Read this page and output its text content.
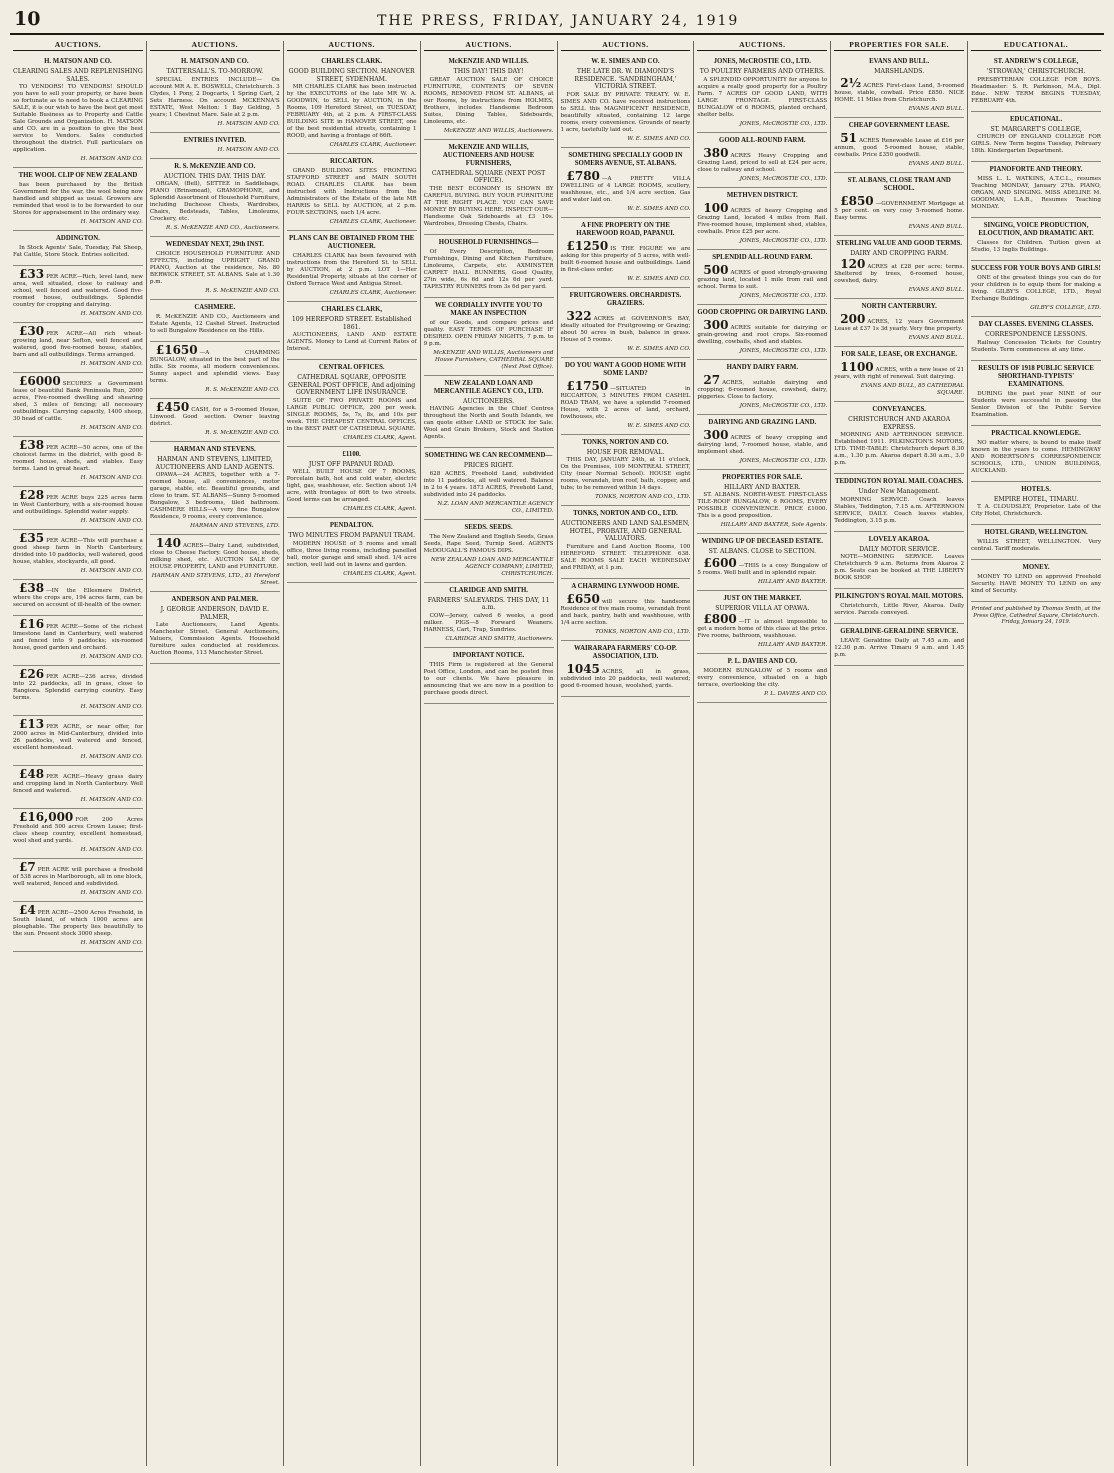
10	THE PRESS, FRIDAY, JANUARY 24, 1919
AUCTIONS.
H. MATSON AND CO.
CLEARING SALES AND REPLENISHING SALES.

TO VENDORS! TO VENDORS! SHOULD you have to sell your property, or have been so fortunate as to need to book a CLEARING SALE, it is our wish to have the best get most Suitable Business as to Property and Cattle Sale Grounds and Organization. H. MATSON and CO. are in a position to give the best service to Vendors. Sales conducted throughout the district. Full particulars on application.

H. MATSON AND CO.
THE WOOL CLIP OF NEW ZEALAND

has been purchased by the British Government for the war, the wool being now handled and shipped as usual. Growers are reminded that wool is to be forwarded to our Stores for appraisement in the ordinary way.

H. MATSON AND CO.
ADDINGTON.

In Stock Agents' Sale, Tuesday, Fat Sheep, Fat Cattle, Store Stock. Entries solicited.

£33 PER ACRE—Rich, level land, new area, well situated, close to railway and school, well fenced and watered. Good five-roomed house, outbuildings. Splendid country for cropping and dairying.

H. MATSON AND CO.

£30 PER ACRE—All rich wheat-growing land, near Sefton, well fenced and watered, good five-roomed house, stables, barn and all outbuildings. Terms arranged.

H. MATSON AND CO.

£6000 SECURES a Government lease of beautiful Bank Peninsula Run, 2000 acres, Five-roomed dwelling and shearing shed, 3 miles of fencing; all necessary outbuildings. Carrying capacity, 1400 sheep, 30 head of cattle.

H. MATSON AND CO.

£38 PER ACRE—50 acres, one of the choicest farms in the district, with good 8-roomed house, sheds, and stables. Easy terms. Land in great heart.

H. MATSON AND CO.

£28 PER ACRE buys 225 acres farm in West Canterbury, with a six-roomed house and outbuildings. Splendid water supply.

H. MATSON AND CO.

£35 PER ACRE—This will purchase a good sheep farm in North Canterbury, divided into 10 paddocks, well watered, good house, stables, stockyards, all good.

H. MATSON AND CO.

£38 —IN the Ellesmere District, where the crops are, 194 acres farm, can be secured on account of ill-health of the owner.

£16 PER ACRE—Some of the richest limestone land in Canterbury, well watered and fenced into 9 paddocks; six-roomed house, good garden and orchard.

H. MATSON AND CO.

£26 PER ACRE—236 acres, divided into 22 paddocks, all in grass, close to Rangiora. Splendid carrying country. Easy terms.

H. MATSON AND CO.

£13 PER ACRE, or near offer, for 2000 acres in Mid-Canterbury, divided into 26 paddocks, well watered and fenced, excellent homestead.

H. MATSON AND CO.

£48 PER ACRE—Heavy grass dairy and cropping land in North Canterbury. Well fenced and watered.

H. MATSON AND CO.

£16,000 FOR 200 Acres Freehold and 500 acres Crown Lease; first-class sheep country, excellent homestead, wool shed and yards.

H. MATSON AND CO.

£7 PER ACRE will purchase a freehold of 538 acres in Marlborough, all in one block, well watered, fenced and subdivided.

H. MATSON AND CO.

£4 PER ACRE—2500 Acres Freehold, in South Island, of which 1000 acres are ploughable. The property lies beautifully to the sun. Present stock 3000 sheep.

H. MATSON AND CO.
AUCTIONS.
H. MATSON AND CO.
TATTERSALL'S. TO-MORROW.

SPECIAL ENTRIES INCLUDE— On account MR A. E. BOSWELL, Christchurch. 3 Clydes, 1 Pony, 2 Dogcarts, 1 Spring Cart, 2 Sets Harness. On account MCKENNA'S ESTATE, West Melton: 1 Bay Gelding, 5 years; 1 Chestnut Mare. Sale at 2 p.m.

H. MATSON AND CO.
ENTRIES INVITED.

H. MATSON AND CO.
R. S. McKENZIE AND CO.
AUCTION. THIS DAY. THIS DAY.

ORGAN, (Bell), SETTEE in Saddlebags, PIANO (Brinsmead), GRAMOPHONE, and Splendid Assortment of Household Furniture, including Duchesse Chests, Wardrobes, Chairs, Bedsteads, Tables, Linoleums, Crockery, etc.

R. S. McKENZIE AND CO., Auctioneers.
WEDNESDAY NEXT, 29th INST.

CHOICE HOUSEHOLD FURNITURE AND EFFECTS, including UPRIGHT GRAND PIANO, Auction at the residence, No. 80 BERWICK STREET, ST. ALBANS. Sale at 1.30 p.m.

R. S. McKENZIE AND CO.
CASHMERE.

R. McKENZIE AND CO., Auctioneers and Estate Agents, 12 Cashel Street. Instructed to sell Bungalow Residence on the Hills.

£1650 —A CHARMING BUNGALOW, situated in the best part of the hills. Six rooms, all modern conveniences. Sunny aspect and splendid views. Easy terms.

R. S. McKENZIE AND CO.

£450 CASH, for a 5-roomed House, Linwood. Good section. Owner leaving district.

R. S. McKENZIE AND CO.
HARMAN AND STEVENS.
HARMAN AND STEVENS, LIMITED, AUCTIONEERS AND LAND AGENTS.

OPAWA—24 ACRES, together with a 7-roomed house, all conveniences, motor garage, stable, etc. Beautiful grounds, and close to tram. ST. ALBANS—Sunny 5-roomed Bungalow, 3 bedrooms, tiled bathroom. CASHMERE HILLS—A very fine Bungalow Residence, 9 rooms, every convenience.

HARMAN AND STEVENS, LTD.

140 ACRES—Dairy Land, subdivided, close to Cheese Factory. Good house, sheds, milking shed, etc. AUCTION SALE OF HOUSE PROPERTY, LAND and FURNITURE.

HARMAN AND STEVENS, LTD., 81 Hereford Street.
ANDERSON AND PALMER.
J. GEORGE ANDERSON, DAVID E. PALMER,

Late Auctioneers, Land Agents. Manchester Street. General Auctioneers, Valuers, Commission Agents. Household furniture sales conducted at residences. Auction Rooms, 113 Manchester Street.

AUCTIONS.
CHARLES CLARK.
GOOD BUILDING SECTION. HANOVER STREET, SYDENHAM.

MR CHARLES CLARK has been instructed by the EXECUTORS of the late MR W. A. GOODWIN, to SELL by AUCTION, in the Rooms, 109 Hereford Street, on TUESDAY, FEBRUARY 4th, at 2 p.m. A FIRST-CLASS BUILDING SITE in HANOVER STREET, one of the best residential streets, containing 1 ROOD, and having a frontage of 66ft.

CHARLES CLARK, Auctioneer.
RICCARTON.

GRAND BUILDING SITES FRONTING STAFFORD STREET and MAIN SOUTH ROAD. CHARLES CLARK has been instructed with Instructions from the Administrators of the Estate of the late MR HARRIS to SELL by AUCTION, at 2 p.m. FOUR SECTIONS, each 1/4 acre.

CHARLES CLARK, Auctioneer.
PLANS CAN BE OBTAINED FROM THE AUCTIONEER.

CHARLES CLARK has been favoured with instructions from the Hereford St. to SELL by AUCTION, at 2 p.m. LOT 1—Her Residential Property, situate at the corner of Oxford Terrace West and Antigua Street.

CHARLES CLARK, Auctioneer.
CHARLES CLARK,
109 HEREFORD STREET. Established 1861.

AUCTIONEERS, LAND AND ESTATE AGENTS. Money to Lend at Current Rates of Interest.

CENTRAL OFFICES.
CATHEDRAL SQUARE, OPPOSITE GENERAL POST OFFICE, And adjoining GOVERNMENT LIFE INSURANCE.

SUITE OF TWO PRIVATE ROOMS and LARGE PUBLIC OFFICE, 200 per week. SINGLE ROOMS, 5s, 7s, 8s, and 10s per week. THE CHEAPEST CENTRAL OFFICES, in the BEST PART OF CATHEDRAL SQUARE.

CHARLES CLARK, Agent.
£1100.
JUST OFF PAPANUI ROAD.

WELL BUILT HOUSE OF 7 ROOMS, Porcelain bath, hot and cold water, electric light, gas, washhouse, etc. Section about 1/4 acre, with frontages of 60ft to two streets. Good terms can be arranged.

CHARLES CLARK, Agent.
PENDALTON.
TWO MINUTES FROM PAPANUI TRAM.

MODERN HOUSE of 5 rooms and small office, three living rooms, including panelled hall, motor garage and small shed. 1/4 acre section, well laid out in lawns and garden.

CHARLES CLARK, Agent.
AUCTIONS.
McKENZIE AND WILLIS.
THIS DAY! THIS DAY!

GREAT AUCTION SALE OF CHOICE FURNITURE, CONTENTS OF SEVEN ROOMS, REMOVED FROM ST. ALBANS, at our Rooms, by instructions from HOLMES, Brothers, includes Handsome Bedroom Suites, Dining Tables, Sideboards, Linoleums, etc.

McKENZIE AND WILLIS, Auctioneers.
McKENZIE AND WILLIS, AUCTIONEERS AND HOUSE FURNISHERS,
CATHEDRAL SQUARE (NEXT POST OFFICE).

THE BEST ECONOMY IS SHOWN BY CAREFUL BUYING. BUY YOUR FURNITURE AT THE RIGHT PLACE. YOU CAN SAVE MONEY BY BUYING HERE. INSPECT OUR— Handsome Oak Sideboards at £3 10s. Wardrobes, Dressing Chests, Chairs.

HOUSEHOLD FURNISHINGS—

Of Every Description, Bedroom Furnishings, Dining and Kitchen Furniture, Linoleums, Carpets, etc. AXMINSTER CARPET HALL RUNNERS, Good Quality, 27in wide, 6s 6d and 12s 6d per yard. TAPESTRY RUNNERS from 3s 6d per yard.

WE CORDIALLY INVITE YOU TO MAKE AN INSPECTION

of our Goods, and compare prices and quality. EASY TERMS OF PURCHASE IF DESIRED. OPEN FRIDAY NIGHTS, 7 p.m. to 9 p.m.

McKENZIE AND WILLIS, Auctioneers and House Furnishers, CATHEDRAL SQUARE (Next Post Office).
NEW ZEALAND LOAN AND MERCANTILE AGENCY CO., LTD.
AUCTIONEERS.

HAVING Agencies in the Chief Centres throughout the North and South Islands, we can quote either LAND or STOCK for Sale. Wool and Grain Brokers, Stock and Station Agents.

SOMETHING WE CAN RECOMMEND—
PRICES RIGHT.

628 ACRES, Freehold Land, subdivided into 11 paddocks, all well watered. Balance in 2 to 4 years. 1873 ACRES, Freehold Land, subdivided into 24 paddocks.

N.Z. LOAN AND MERCANTILE AGENCY CO., LIMITED.
SEEDS. SEEDS.

The New Zealand and English Seeds, Grass Seeds, Rape Seed, Turnip Seed. AGENTS McDOUGALL'S FAMOUS DIPS.

NEW ZEALAND LOAN AND MERCANTILE AGENCY COMPANY, LIMITED, CHRISTCHURCH.
CLARIDGE AND SMITH.
FARMERS' SALEYARDS. THIS DAY, 11 a.m.

COW—Jersey, calved 6 weeks, a good milker. PIGS—8 Forward Weaners. HARNESS, Cart, Trap, Sundries.

CLARIDGE AND SMITH, Auctioneers.
IMPORTANT NOTICE.

THIS Firm is registered at the General Post Office, London, and can be posted free to our clients. We have pleasure in announcing that we are now in a position to purchase goods direct.

AUCTIONS.
W. E. SIMES AND CO.
THE LATE DR. W. DIAMOND'S RESIDENCE. 'SANDRINGHAM,' VICTORIA STREET.

FOR SALE BY PRIVATE TREATY. W. E. SIMES AND CO. have received instructions to SELL this MAGNIFICENT RESIDENCE, beautifully situated, containing 12 large rooms, every convenience. Grounds of nearly 1 acre, tastefully laid out.

W. E. SIMES AND CO.
SOMETHING SPECIALLY GOOD IN SOMERS AVENUE, ST. ALBANS.

£780 —A PRETTY VILLA DWELLING of 4 LARGE ROOMS, scullery, washhouse, etc., and 1/4 acre section. Gas and water laid on.

W. E. SIMES AND CO.
A FINE PROPERTY ON THE HAREWOOD ROAD, PAPANUI.

£1250 IS THE FIGURE we are asking for this property of 5 acres, with well-built 6-roomed house and outbuildings. Land in first-class order.

W. E. SIMES AND CO.
FRUITGROWERS. ORCHARDISTS. GRAZIERS.

322 ACRES at GOVERNOR'S BAY, ideally situated for Fruitgrowing or Grazing; about 50 acres in bush, balance in grass. House of 5 rooms.

W. E. SIMES AND CO.
DO YOU WANT A GOOD HOME WITH SOME LAND?

£1750 —SITUATED in RICCARTON, 3 MINUTES FROM CASHEL ROAD TRAM, we have a splendid 7-roomed House, with 2 acres of land, orchard, fowlhouses, etc.

W. E. SIMES AND CO.
TONKS, NORTON AND CO.
HOUSE FOR REMOVAL.

THIS DAY, JANUARY 24th, at 11 o'clock, On the Premises, 109 MONTREAL STREET, City (near Normal School). HOUSE eight rooms, verandah, iron roof, bath, copper, and tubs; to be removed within 14 days.

TONKS, NORTON AND CO., LTD.
TONKS, NORTON AND CO., LTD.
AUCTIONEERS AND LAND SALESMEN, HOTEL, PROBATE, AND GENERAL VALUATORS.

Furniture and Land Auction Rooms, 100 HEREFORD STREET. TELEPHONE 638. SALE ROOMS SALE EACH WEDNESDAY and FRIDAY, at 1 p.m.

A CHARMING LYNWOOD HOME.

£650 will secure this handsome Residence of five main rooms, verandah front and back, pantry, bath and washhouse, with 1/4 acre section.

TONKS, NORTON AND CO., LTD.
WAIRARAPA FARMERS' CO-OP. ASSOCIATION, LTD.

1045 ACRES, all in grass, subdivided into 20 paddocks, well watered; good 6-roomed house, woolshed, yards.

AUCTIONS.
JONES, McCROSTIE CO., LTD.
TO POULTRY FARMERS AND OTHERS.

A SPLENDID OPPORTUNITY for anyone to acquire a really good property for a Poultry Farm. 7 ACRES OF GOOD LAND, WITH LARGE FRONTAGE. FIRST-CLASS BUNGALOW of 6 ROOMS, planted orchard, shelter belts.

JONES, McCROSTIE CO., LTD.
GOOD ALL-ROUND FARM.

380 ACRES Heavy Cropping and Grazing Land, priced to sell at £24 per acre, close to railway and school.

JONES, McCROSTIE CO., LTD.
METHVEN DISTRICT.

100 ACRES of heavy Cropping and Grazing Land, located 4 miles from Rail. Five-roomed house, implement shed, stables, cowbails. Price £25 per acre.

JONES, McCROSTIE CO., LTD.
SPLENDID ALL-ROUND FARM.

500 ACRES of good strongly-grassing grazing land, located 1 mile from rail and school. Terms to suit.

JONES, McCROSTIE CO., LTD.
GOOD CROPPING OR DAIRYING LAND.

300 ACRES suitable for dairying or grain-growing and root crops. Six-roomed dwelling, cowbails, shed and stables.

JONES, McCROSTIE CO., LTD.
HANDY DAIRY FARM.

27 ACRES, suitable dairying and cropping; 6-roomed house, cowshed, dairy, piggeries. Close to factory.

JONES, McCROSTIE CO., LTD.
DAIRYING AND GRAZING LAND.

300 ACRES of heavy cropping and dairying land, 7-roomed house, stable, and implement shed.

JONES, McCROSTIE CO., LTD.
PROPERTIES FOR SALE.
HILLARY AND BAXTER.

ST. ALBANS. NORTH-WEST. FIRST-CLASS TILE-ROOF BUNGALOW, 6 ROOMS, EVERY POSSIBLE CONVENIENCE. PRICE £1000. This is a good proposition.

HILLARY AND BAXTER, Sole Agents.
WINDING UP OF DECEASED ESTATE.
ST. ALBANS. CLOSE to SECTION.

£600 —THIS is a cosy Bungalow of 5 rooms. Well built and in splendid repair.

HILLARY AND BAXTER.
JUST ON THE MARKET.
SUPERIOR VILLA AT OPAWA.

£800 —IT is almost impossible to get a modern home of this class at the price. Five rooms, bathroom, washhouse.

HILLARY AND BAXTER.
P. L. DAVIES AND CO.

MODERN BUNGALOW of 5 rooms and every convenience, situated on a high terrace, overlooking the city.

P. L. DAVIES AND CO.
PROPERTIES FOR SALE.
EVANS AND BULL.
MARSHLANDS.

2½ ACRES First-class Land, 5-roomed house, stable, cowbail. Price £850. NICE HOME. 11 Miles from Christchurch.

EVANS AND BULL.
CHEAP GOVERNMENT LEASE.

51 ACRES Renewable Lease at £16 per annum, good 5-roomed house, stable, cowbails. Price £350 goodwill.

EVANS AND BULL.
ST. ALBANS, CLOSE TRAM AND SCHOOL.

£850 —GOVERNMENT Mortgage at 5 per cent. on very cosy 5-roomed home. Easy terms.

EVANS AND BULL.
STERLING VALUE AND GOOD TERMS.
DAIRY AND CROPPING FARM.

120 ACRES at £28 per acre; terms. Sheltered by trees, 6-roomed house, cowshed, dairy.

EVANS AND BULL.
NORTH CANTERBURY.

200 ACRES, 12 years Government Lease at £37 1s 3d yearly. Very fine property.

EVANS AND BULL.
FOR SALE, LEASE, OR EXCHANGE.

1100 ACRES, with a new lease of 21 years, with right of renewal. Suit dairying.

EVANS AND BULL, 85 CATHEDRAL SQUARE.
CONVEYANCES.
CHRISTCHURCH AND AKAROA EXPRESS.

MORNING AND AFTERNOON SERVICE. Established 1911. PILKINGTON'S MOTORS, LTD. TIME-TABLE: Christchurch depart 8.30 a.m., 1.30 p.m. Akaroa depart 8.30 a.m., 3.0 p.m.

TEDDINGTON ROYAL MAIL COACHES.
Under New Management.

MORNING SERVICE. Coach leaves Stables, Teddington, 7.15 a.m. AFTERNOON SERVICE, DAILY. Coach leaves stables, Teddington, 3.15 p.m.

LOVELY AKAROA.
DAILY MOTOR SERVICE.

NOTE—MORNING SERVICE. Leaves Christchurch 9 a.m. Returns from Akaroa 2 p.m. Seats can be booked at THE LIBERTY BOOK SHOP.

PILKINGTON'S ROYAL MAIL MOTORS.

Christchurch, Little River, Akaroa. Daily service. Parcels conveyed.

GERALDINE-GERALDINE SERVICE.

LEAVE Geraldine Daily at 7.45 a.m. and 12.30 p.m. Arrive Timaru 9 a.m. and 1.45 p.m.

EDUCATIONAL.
ST. ANDREW'S COLLEGE,
'STROWAN,' CHRISTCHURCH.

PRESBYTERIAN COLLEGE FOR BOYS. Headmaster: S. R. Parkinson, M.A., Dipl. Educ. NEW TERM BEGINS TUESDAY, FEBRUARY 4th.

EDUCATIONAL.
ST. MARGARET'S COLLEGE,

CHURCH OF ENGLAND COLLEGE FOR GIRLS. New Term begins Tuesday, February 18th. Kindergarten Department.

PIANOFORTE AND THEORY.

MISS L. L. WATKINS, A.T.C.L., resumes Teaching MONDAY, January 27th. PIANO, ORGAN, AND SINGING. MISS ADELINE M. GOODMAN, L.A.B., Resumes Teaching MONDAY.

SINGING, VOICE PRODUCTION, ELOCUTION, AND DRAMATIC ART.

Classes for Children. Tuition given at Studio, 13 Inglis Buildings.

SUCCESS FOR YOUR BOYS AND GIRLS!

ONE of the greatest things you can do for your children is to equip them for making a living. GILBY'S COLLEGE, LTD., Royal Exchange Buildings.

GILBY'S COLLEGE, LTD.
DAY CLASSES. EVENING CLASSES.
CORRESPONDENCE LESSONS.

Railway Concession Tickets for Country Students. Term commences at any time.

RESULTS OF 1918 PUBLIC SERVICE SHORTHAND-TYPISTS' EXAMINATIONS.

DURING the past year NINE of our Students were successful in passing the Senior Division of the Public Service Examination.

PRACTICAL KNOWLEDGE.

NO matter where, is bound to make itself known in the years to come. HEMINGWAY AND ROBERTSON'S CORRESPONDENCE SCHOOLS, LTD., UNION BUILDINGS, AUCKLAND.

HOTELS.
EMPIRE HOTEL, TIMARU.

T. A. CLOUDSLEY, Proprietor. Late of the City Hotel, Christchurch.

HOTEL GRAND, WELLINGTON.

WILLIS STREET, WELLINGTON. Very central. Tariff moderate.

MONEY.

MONEY TO LEND on approved Freehold Security. HAVE MONEY TO LEND on any kind of Security.

Printed and published by Thomas Smith, at the Press Office, Cathedral Square, Christchurch. Friday, January 24, 1919.
